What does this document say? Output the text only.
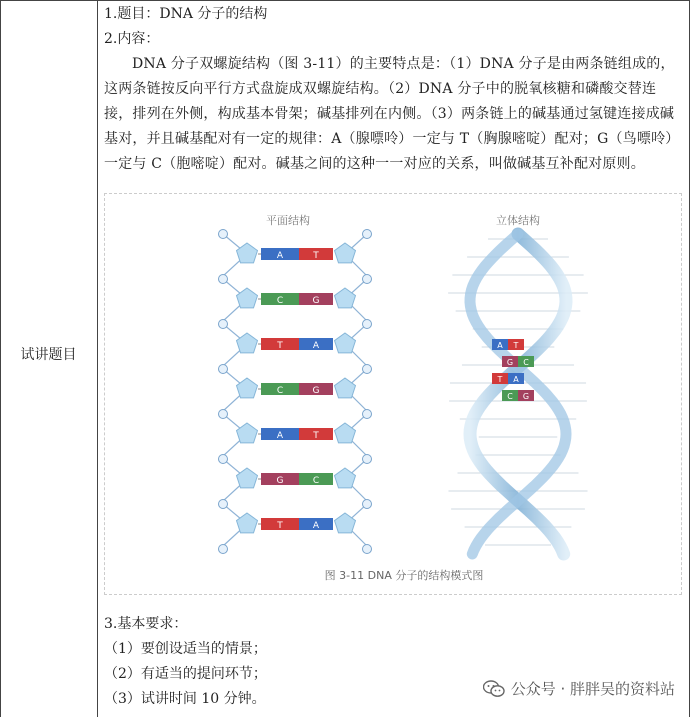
试讲题目

1.题目：DNA 分子的结构

2.内容：

DNA 分子双螺旋结构（图 3-11）的主要特点是：（1）DNA 分子是由两条链组成的，这两条链按反向平行方式盘旋成双螺旋结构。（2）DNA 分子中的脱氧核糖和磷酸交替连接，排列在外侧，构成基本骨架；碱基排列在内侧。（3）两条链上的碱基通过氢键连接成碱基对，并且碱基配对有一定的规律：A（腺嘌呤）一定与 T（胸腺嘧啶）配对；G（鸟嘌呤）一定与 C（胞嘧啶）配对。碱基之间的这种一一对应的关系，叫做碱基互补配对原则。

平面结构	立体结构
A	T
C	G
T	A
C	G
A	T
G	C
T	A
A T
G C
T A
C G
图 3-11 DNA 分子的结构模式图

3.基本要求：

（1）要创设适当的情景；

（2）有适当的提问环节；

（3）试讲时间 10 分钟。

公众号 · 胖胖吴的资料站
